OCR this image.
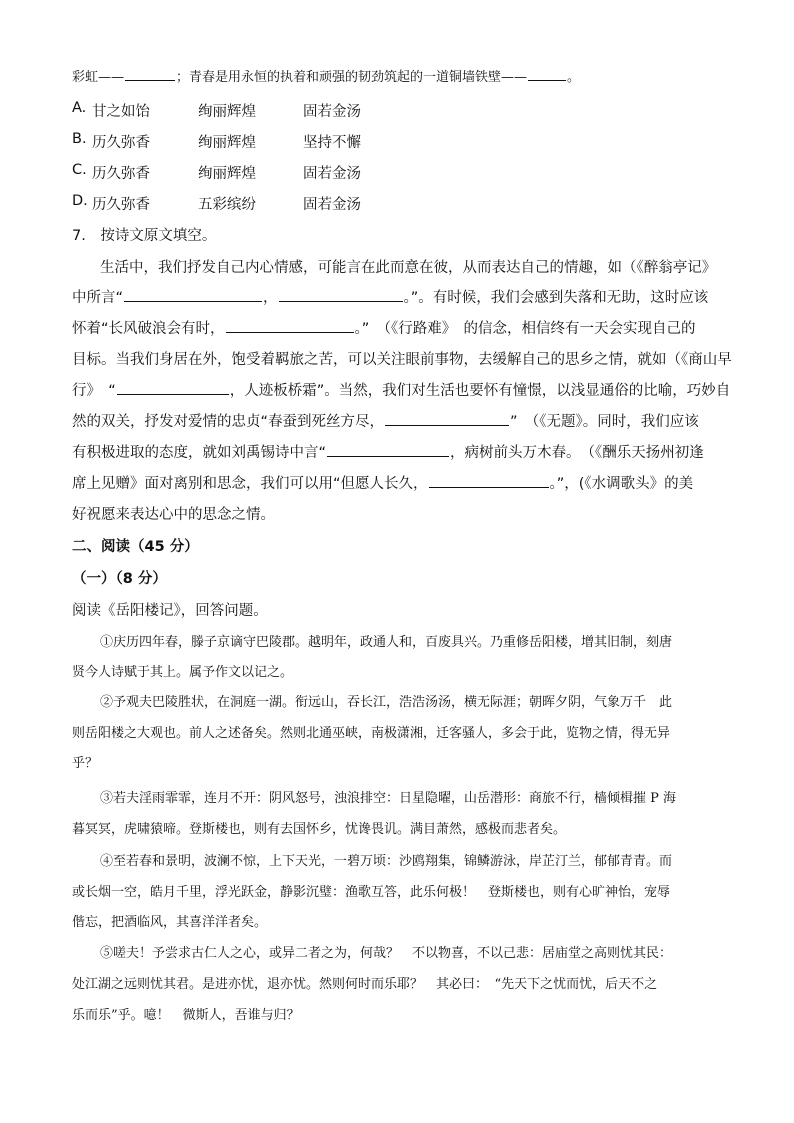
彩虹——	；青春是用永恒的执着和顽强的韧劲筑起的一道铜墙铁壁——	。
A. 甘之如饴	绚丽辉煌	固若金汤
B. 历久弥香	绚丽辉煌	坚持不懈
C. 历久弥香	绚丽辉煌	固若金汤
D. 历久弥香	五彩缤纷	固若金汤
7.　按诗文原文填空。
生活中，我们抒发自己内心情感，可能言在此而意在彼，从而表达自己的情趣，如（《醉翁亭记》
中所言“	，	。”。有时候，我们会感到失落和无助，这时应该
怀着“长风破浪会有时，	。”　（《行路难》　的信念，相信终有一天会实现自己的
目标。当我们身居在外，饱受着羁旅之苦，可以关注眼前事物，去缓解自己的思乡之情，就如（《商山早
行》　“	，人迹板桥霜”。当然，我们对生活也要怀有憧憬，以浅显通俗的比喻，巧妙自
然的双关，抒发对爱情的忠贞“春蚕到死丝方尽，	”　（《无题》。同时，我们应该
有积极进取的态度，就如刘禹锡诗中言“	，病树前头万木春。　（《酬乐天扬州初逢
席上见赠》面对离别和思念，我们可以用“但愿人长久，	。”，(《水调歌头》的美
好祝愿来表达心中的思念之情。
二、阅读（45 分）
（一）（8 分）
阅读《岳阳楼记》，回答问题。
①庆历四年春，滕子京谪守巴陵郡。越明年，政通人和，百废具兴。乃重修岳阳楼，增其旧制，刻唐
贤今人诗赋于其上。属予作文以记之。
②予观夫巴陵胜状，在洞庭一湖。衔远山，吞长江，浩浩汤汤，横无际涯；朝晖夕阴，气象万千　此
则岳阳楼之大观也。前人之述备矣。然则北通巫峡，南极潇湘，迁客骚人，多会于此，览物之情，得无异
乎？
③若夫淫雨霏霏，连月不开：阴风怒号，浊浪排空：日星隐曜，山岳潜形：商旅不行，樯倾楫摧 P 海
暮冥冥，虎啸猿啼。登斯楼也，则有去国怀乡，忧谗畏讥。满目萧然，感极而悲者矣。
④至若春和景明，波澜不惊，上下天光，一碧万顷：沙鸥翔集，锦鳞游泳，岸芷汀兰，郁郁青青。而
或长烟一空，皓月千里，浮光跃金，静影沉璧：渔歌互答，此乐何极！　登斯楼也，则有心旷神怡，宠辱
偕忘，把酒临风，其喜洋洋者矣。
⑤嗟夫！予尝求古仁人之心，或异二者之为，何哉？　不以物喜，不以己悲：居庙堂之高则忧其民：
处江湖之远则忧其君。是进亦忧，退亦忧。然则何时而乐耶？　其必曰：　“先天下之忧而忧，后天不之
乐而乐”乎。噫！　微斯人，吾谁与归？
